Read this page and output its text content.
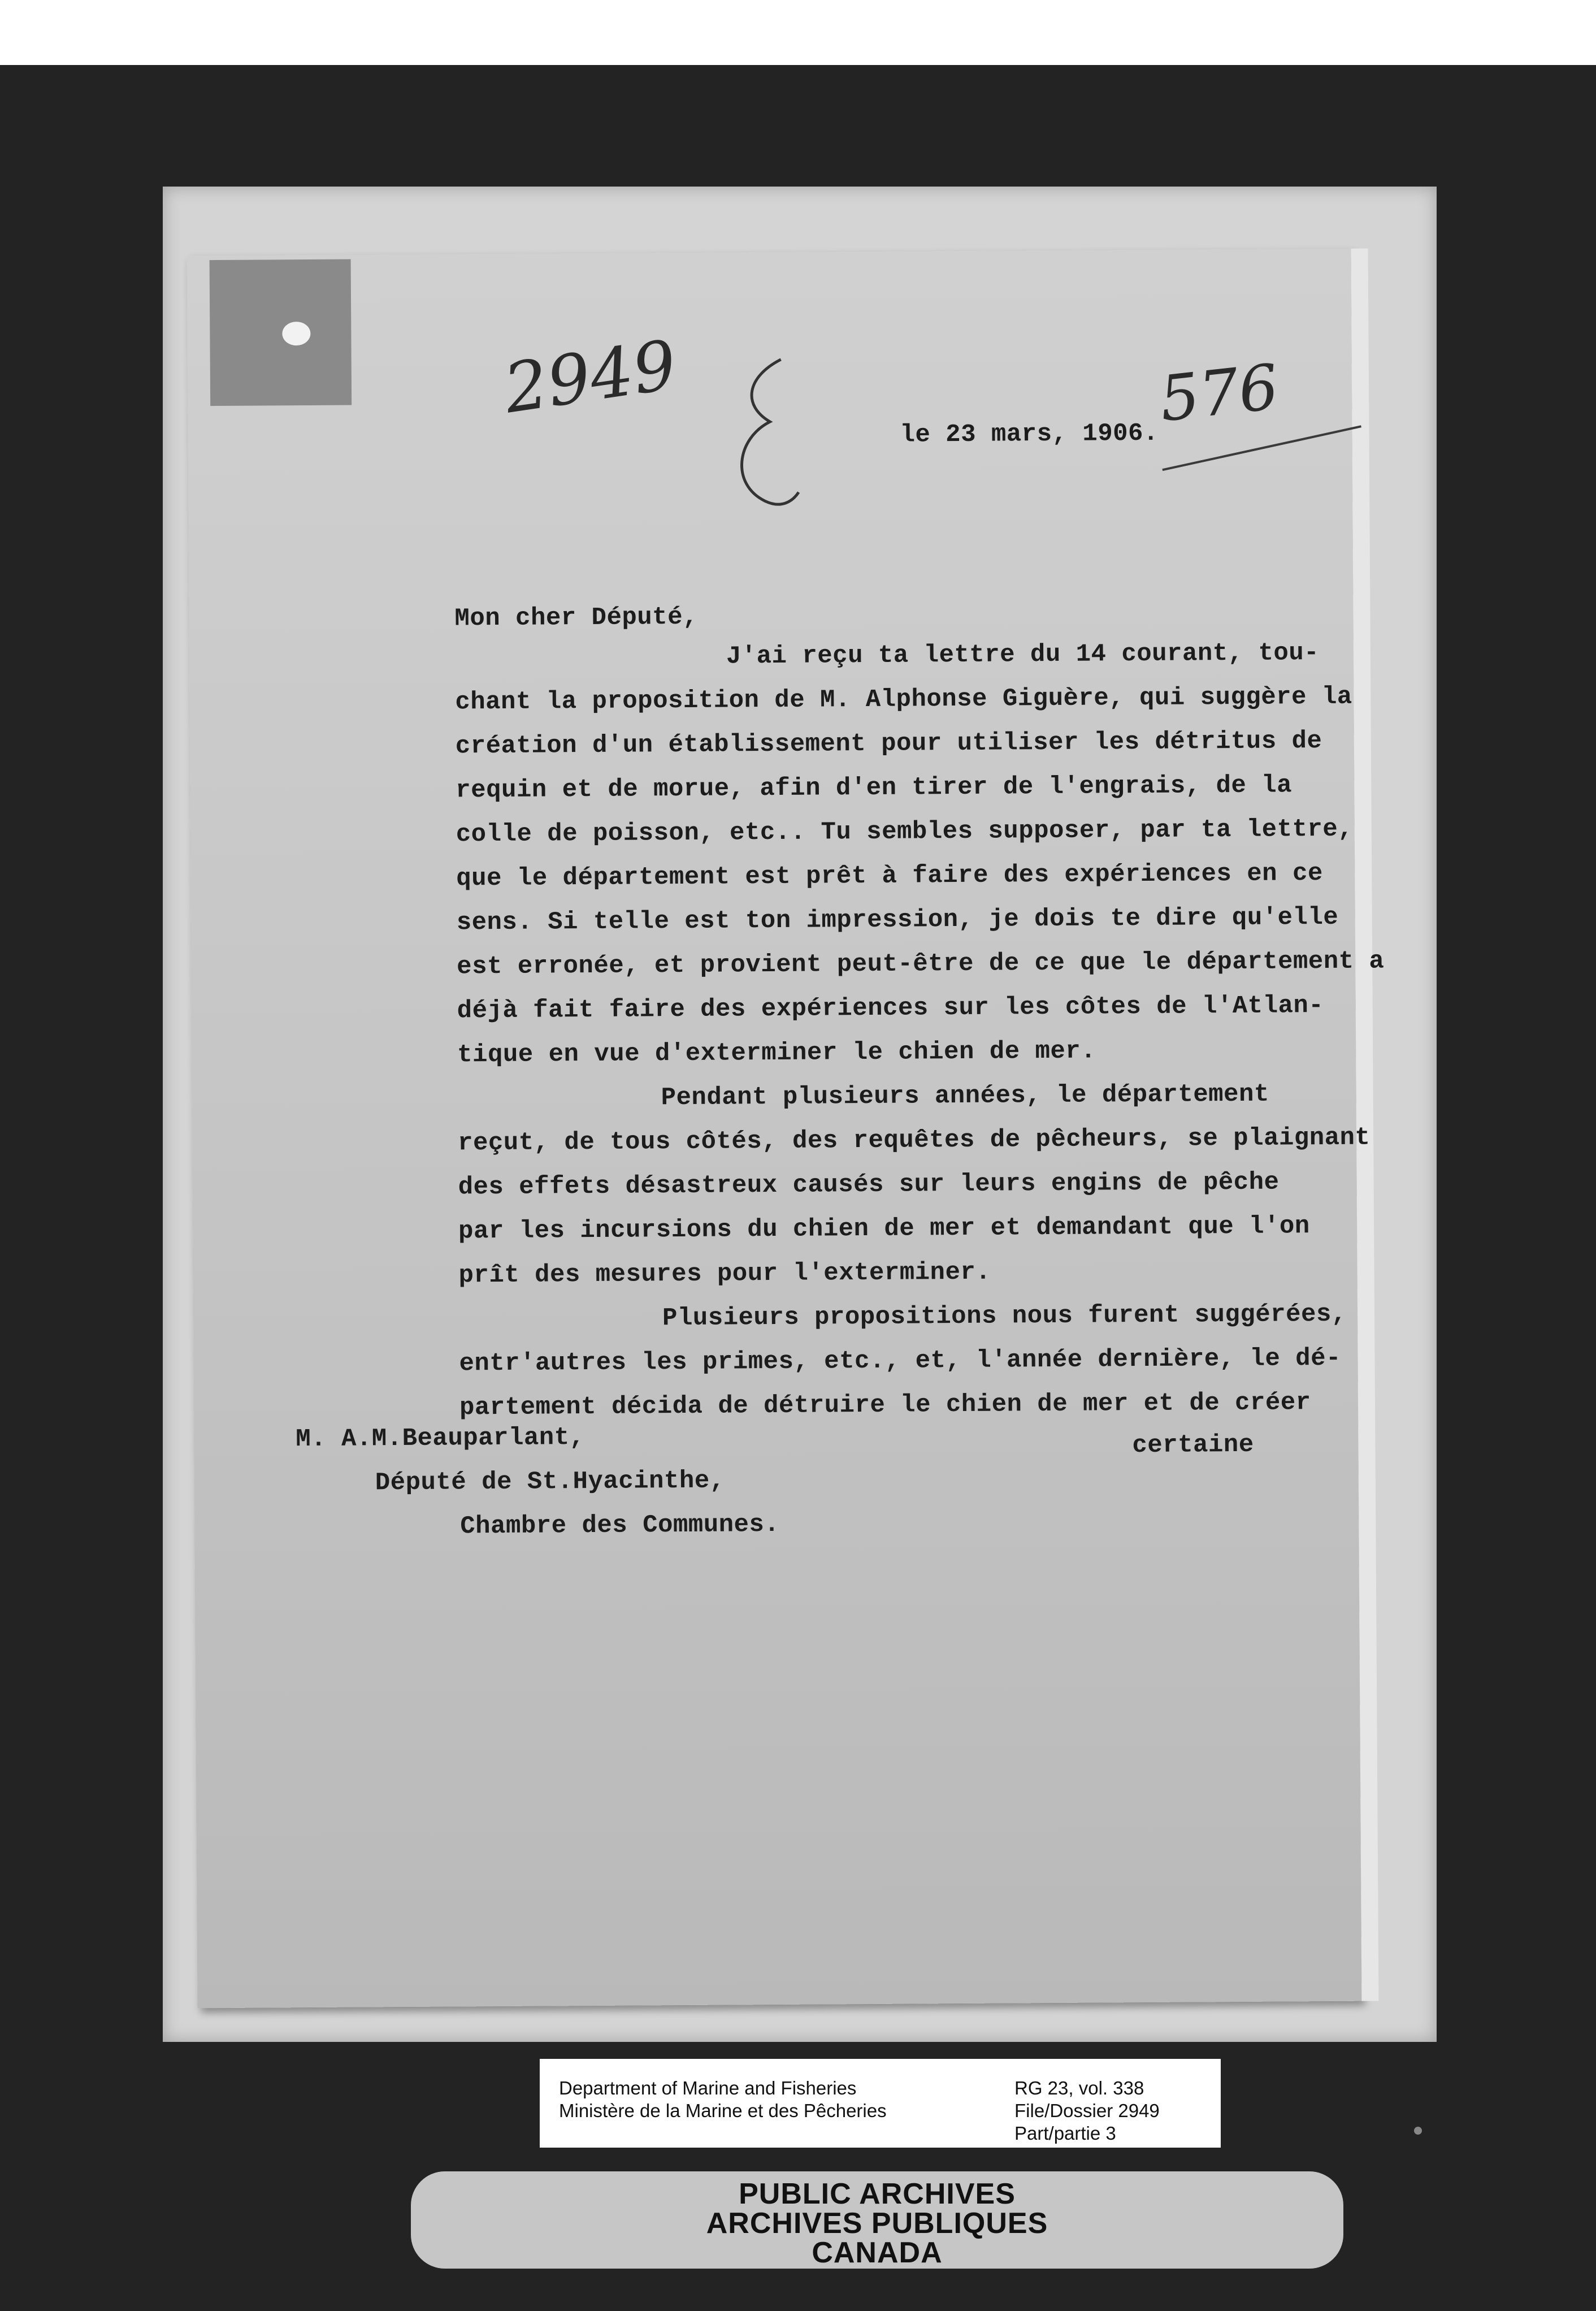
2949	576
le 23 mars, 1906.
Mon cher Député,
J'ai reçu ta lettre du 14 courant, tou-
chant la proposition de M. Alphonse Giguère, qui suggère la
création d'un établissement pour utiliser les détritus de
requin et de morue, afin d'en tirer de l'engrais, de la
colle de poisson, etc.. Tu sembles supposer, par ta lettre,
que le département est prêt à faire des expériences en ce
sens. Si telle est ton impression, je dois te dire qu'elle
est erronée, et provient peut-être de ce que le département a
déjà fait faire des expériences sur les côtes de l'Atlan-
tique en vue d'exterminer le chien de mer.
Pendant plusieurs années, le département
reçut, de tous côtés, des requêtes de pêcheurs, se plaignant
des effets désastreux causés sur leurs engins de pêche
par les incursions du chien de mer et demandant que l'on
prît des mesures pour l'exterminer.
Plusieurs propositions nous furent suggérées,
entr'autres les primes, etc., et, l'année dernière, le dé-
partement décida de détruire le chien de mer et de créer
certaine
M. A.M.Beauparlant,
Député de St.Hyacinthe,
Chambre des Communes.
Department of Marine and Fisheries
Ministère de la Marine et des Pêcheries
RG 23, vol. 338
File/Dossier 2949
Part/partie 3
PUBLIC ARCHIVES
ARCHIVES PUBLIQUES
CANADA
